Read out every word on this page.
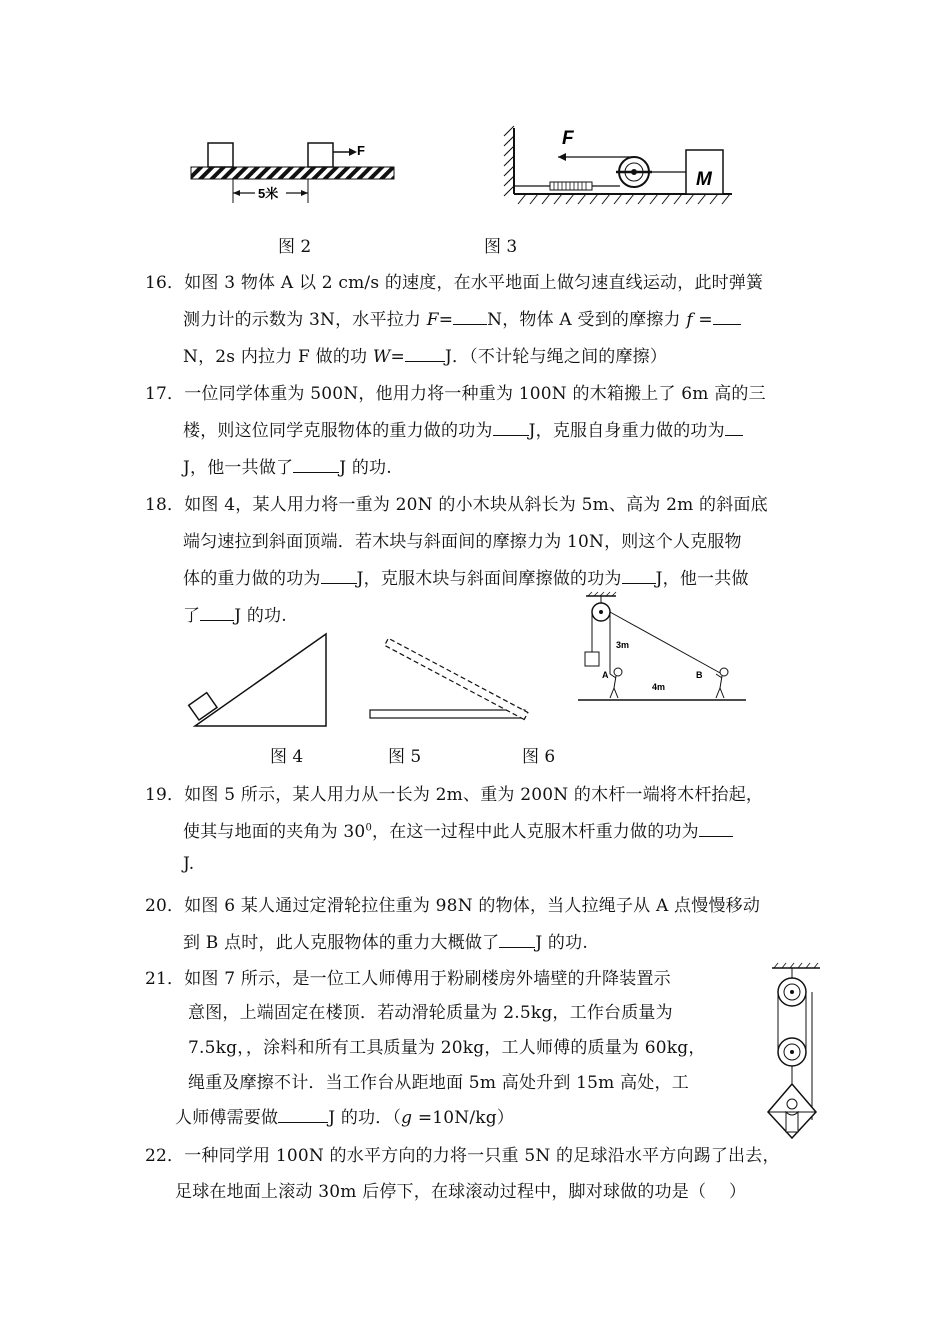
F
5米
图 2
F
M
图 3
16．如图 3 物体 A 以 2 cm/s 的速度，在水平地面上做匀速直线运动，此时弹簧
测力计的示数为 3N，水平拉力 F= N，物体 A 受到的摩擦力 f =
N，2s 内拉力 F 做的功 W= J．（不计轮与绳之间的摩擦）
17．一位同学体重为 500N，他用力将一种重为 100N 的木箱搬上了 6m 高的三
楼，则这位同学克服物体的重力做的功为 J，克服自身重力做的功为
J，他一共做了	J 的功.
18．如图 4，某人用力将一重为 20N 的小木块从斜长为 5m、高为 2m 的斜面底
端匀速拉到斜面顶端．若木块与斜面间的摩擦力为 10N，则这个人克服物
体的重力做的功为 J，克服木块与斜面间摩擦做的功为 J，他一共做
了 J 的功.
图 4	图 5
3m
4m
A	B
图 6
19．如图 5 所示，某人用力从一长为 2m、重为 200N 的木杆一端将木杆抬起，
使其与地面的夹角为 $30^0$，在这一过程中此人克服木杆重力做的功为
J.
20．如图 6 某人通过定滑轮拉住重为 98N 的物体，当人拉绳子从 A 点慢慢移动
到 B 点时，此人克服物体的重力大概做了 J 的功.
21．如图 7 所示，是一位工人师傅用于粉刷楼房外墙壁的升降装置示
意图，上端固定在楼顶．若动滑轮质量为 2.5kg，工作台质量为
7.5kg，，涂料和所有工具质量为 20kg，工人师傅的质量为 60kg，
绳重及摩擦不计．当工作台从距地面 5m 高处升到 15m 高处，工
人师傅需要做	J 的功．（g =10N/kg）
22．一种同学用 100N 的水平方向的力将一只重 5N 的足球沿水平方向踢了出去，
足球在地面上滚动 30m 后停下，在球滚动过程中，脚对球做的功是（　 ）
